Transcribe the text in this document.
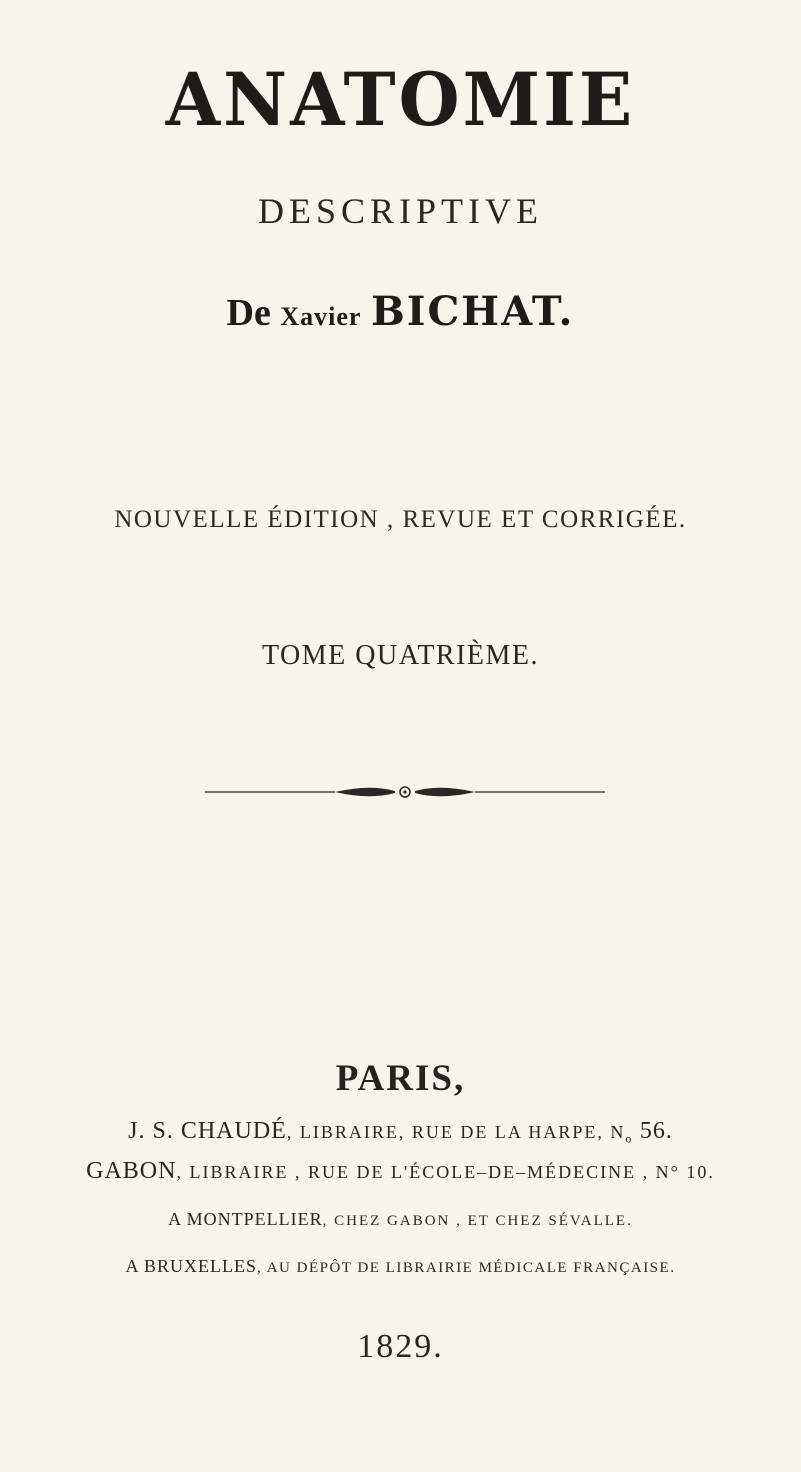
ANATOMIE
DESCRIPTIVE
De Xavier BICHAT.
NOUVELLE ÉDITION , REVUE ET CORRIGÉE.
TOME QUATRIÈME.
PARIS,
J. S. CHAUDÉ, LIBRAIRE, RUE DE LA HARPE, $N_o$ 56.
GABON, LIBRAIRE , RUE DE L'ÉCOLE–DE–MÉDECINE , N° 10.
A MONTPELLIER, CHEZ GABON , ET CHEZ SÉVALLE.
A BRUXELLES, AU DÉPÔT DE LIBRAIRIE MÉDICALE FRANÇAISE.
1829.
